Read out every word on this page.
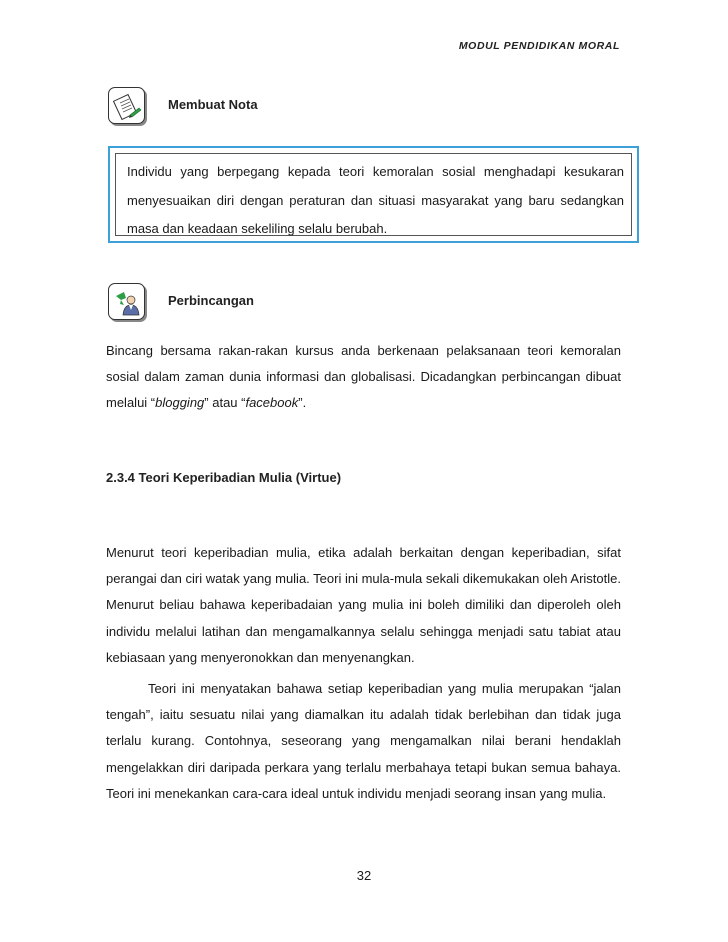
MODUL PENDIDIKAN MORAL
Membuat Nota
Individu yang berpegang kepada teori kemoralan sosial menghadapi kesukaran menyesuaikan diri dengan peraturan dan situasi masyarakat yang baru sedangkan masa dan keadaan sekeliling selalu berubah.
Perbincangan
Bincang bersama rakan-rakan kursus anda berkenaan pelaksanaan teori kemoralan sosial dalam zaman dunia informasi dan globalisasi. Dicadangkan perbincangan dibuat melalui “blogging” atau “facebook”.
2.3.4 Teori Keperibadian Mulia (Virtue)
Menurut teori keperibadian mulia, etika adalah berkaitan dengan keperibadian, sifat perangai dan ciri watak yang mulia. Teori ini mula-mula sekali dikemukakan oleh Aristotle. Menurut beliau bahawa keperibadaian yang mulia ini boleh dimiliki dan diperoleh oleh individu melalui latihan dan mengamalkannya selalu sehingga menjadi satu tabiat atau kebiasaan yang menyeronokkan dan menyenangkan.
Teori ini menyatakan bahawa setiap keperibadian yang mulia merupakan “jalan tengah”, iaitu sesuatu nilai yang diamalkan itu adalah tidak berlebihan dan tidak juga terlalu kurang. Contohnya, seseorang yang mengamalkan nilai berani hendaklah mengelakkan diri daripada perkara yang terlalu merbahaya tetapi bukan semua bahaya. Teori ini menekankan cara-cara ideal untuk individu menjadi seorang insan yang mulia.
32
